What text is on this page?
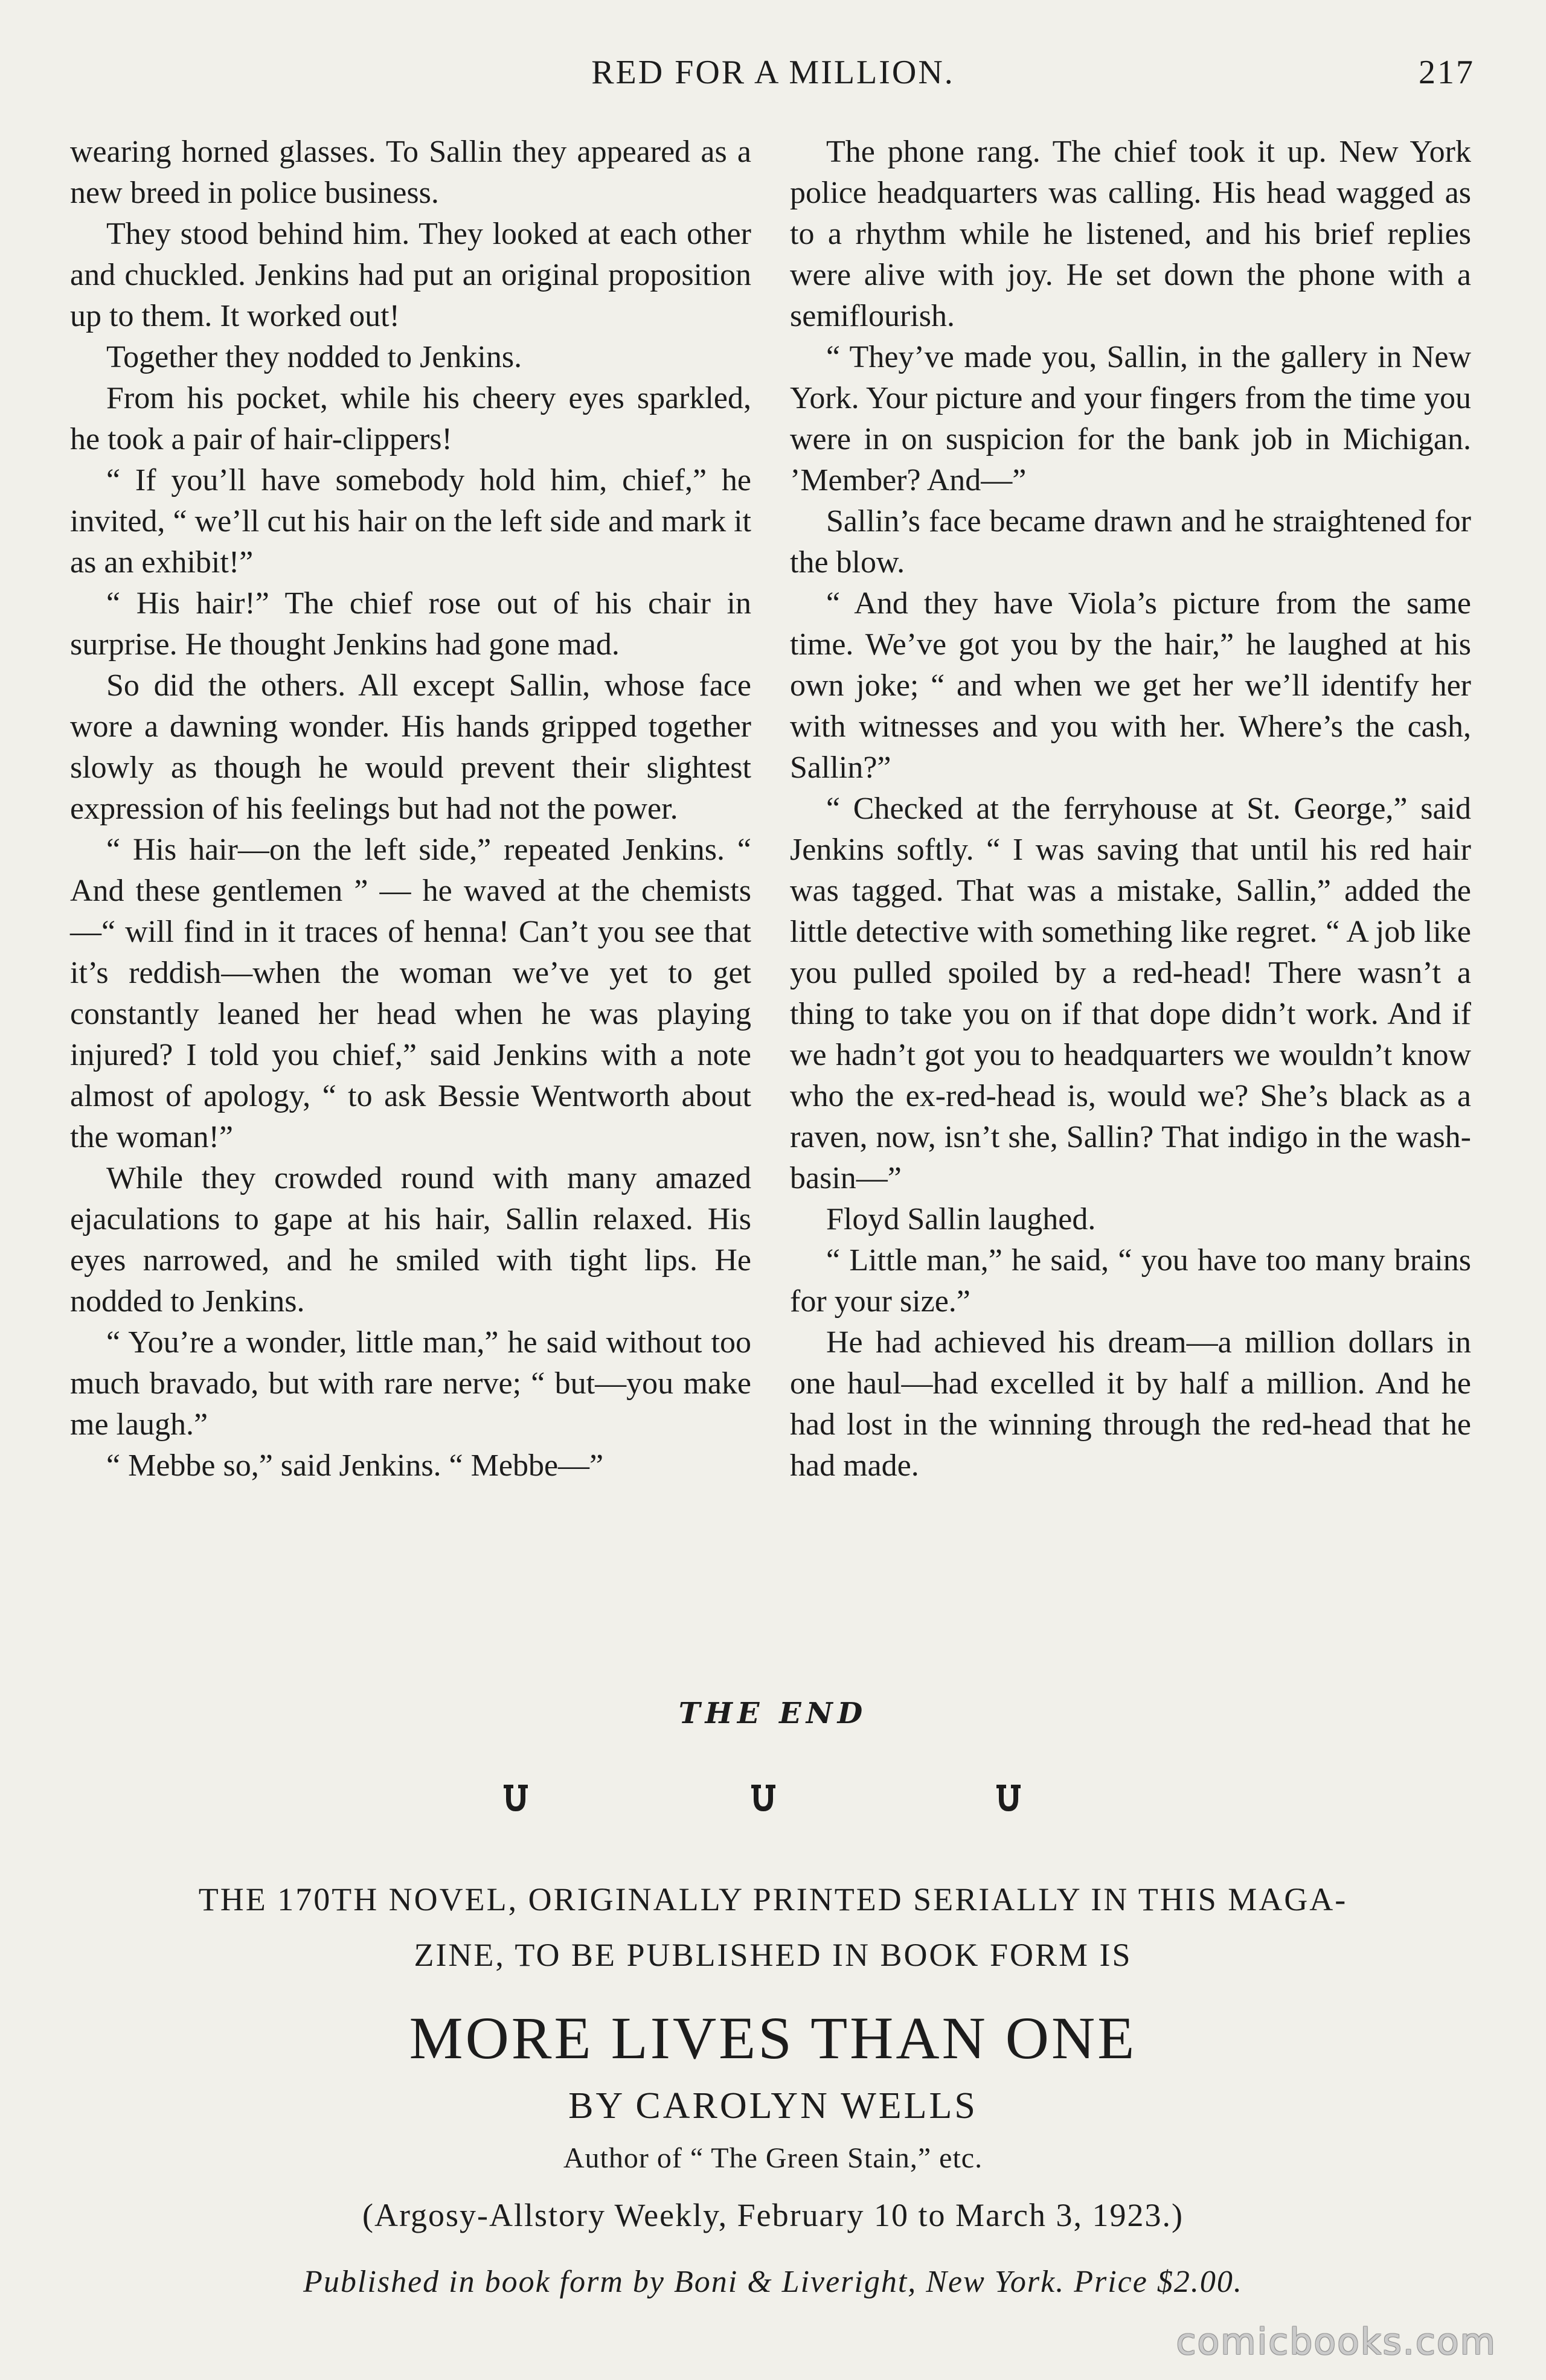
RED FOR A MILLION.	217

wearing horned glasses. To Sallin they appeared as a new breed in police business.

They stood behind him. They looked at each other and chuckled. Jenkins had put an original proposition up to them. It worked out!

Together they nodded to Jenkins.

From his pocket, while his cheery eyes sparkled, he took a pair of hair-clippers!

“ If you’ll have somebody hold him, chief,” he invited, “ we’ll cut his hair on the left side and mark it as an exhibit!”

“ His hair!” The chief rose out of his chair in surprise. He thought Jenkins had gone mad.

So did the others. All except Sallin, whose face wore a dawning wonder. His hands gripped together slowly as though he would prevent their slightest expression of his feelings but had not the power.

“ His hair—on the left side,” repeated Jenkins. “ And these gentlemen ” — he waved at the chemists—“ will find in it traces of henna! Can’t you see that it’s reddish—when the woman we’ve yet to get constantly leaned her head when he was playing injured? I told you chief,” said Jenkins with a note almost of apology, “ to ask Bessie Wentworth about the woman!”

While they crowded round with many amazed ejaculations to gape at his hair, Sallin relaxed. His eyes narrowed, and he smiled with tight lips. He nodded to Jenkins.

“ You’re a wonder, little man,” he said without too much bravado, but with rare nerve; “ but—you make me laugh.”

“ Mebbe so,” said Jenkins. “ Mebbe—”

The phone rang. The chief took it up. New York police headquarters was calling. His head wagged as to a rhythm while he listened, and his brief replies were alive with joy. He set down the phone with a semiflourish.

“ They’ve made you, Sallin, in the gallery in New York. Your picture and your fingers from the time you were in on suspicion for the bank job in Michigan. ’Member? And—”

Sallin’s face became drawn and he straightened for the blow.

“ And they have Viola’s picture from the same time. We’ve got you by the hair,” he laughed at his own joke; “ and when we get her we’ll identify her with witnesses and you with her. Where’s the cash, Sallin?”

“ Checked at the ferryhouse at St. George,” said Jenkins softly. “ I was saving that until his red hair was tagged. That was a mistake, Sallin,” added the little detective with something like regret. “ A job like you pulled spoiled by a red-head! There wasn’t a thing to take you on if that dope didn’t work. And if we hadn’t got you to headquarters we wouldn’t know who the ex-red-head is, would we? She’s black as a raven, now, isn’t she, Sallin? That indigo in the wash-basin—”

Floyd Sallin laughed.

“ Little man,” he said, “ you have too many brains for your size.”

He had achieved his dream—a million dollars in one haul—had excelled it by half a million. And he had lost in the winning through the red-head that he had made.

THE END
THE 170TH NOVEL, ORIGINALLY PRINTED SERIALLY IN THIS MAGA-
ZINE, TO BE PUBLISHED IN BOOK FORM IS
MORE LIVES THAN ONE
BY CAROLYN WELLS
Author of “ The Green Stain,” etc.
(Argosy-Allstory Weekly, February 10 to March 3, 1923.)
Published in book form by Boni & Liveright, New York. Price $2.00.
comicbooks.com
